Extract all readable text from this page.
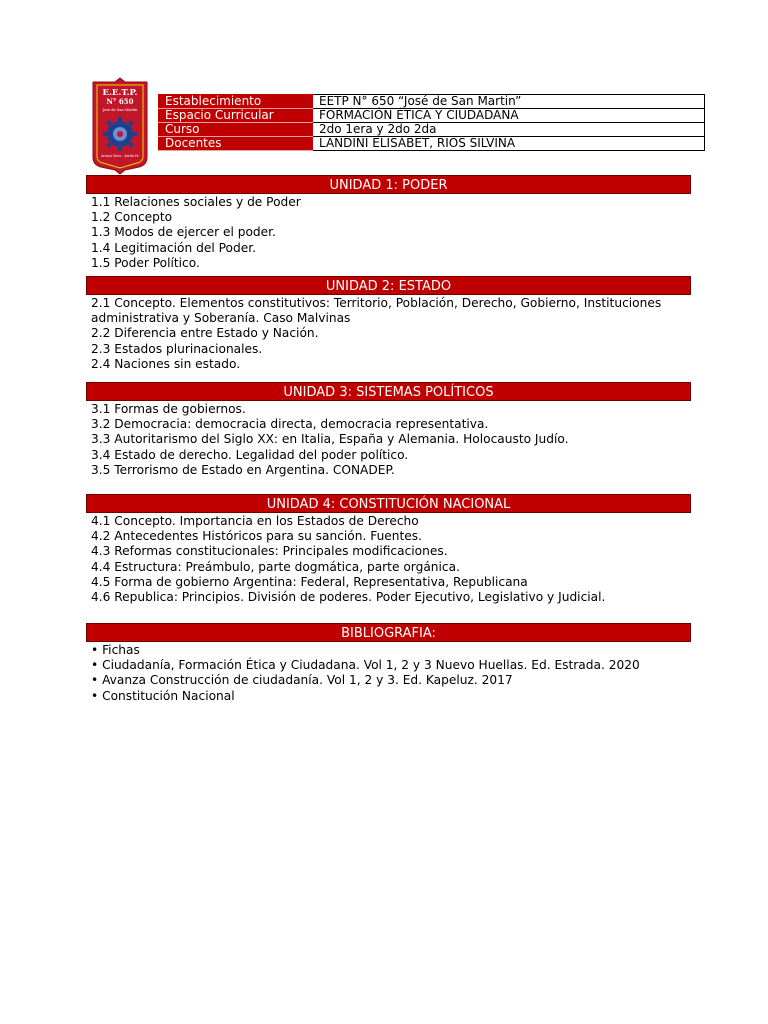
E.E.T.P.
N° 650
José de San Martín
Arroyo Seco - Santa Fe
Establecimiento	EETP N° 650 “José de San Martin”
Espacio Curricular	FORMACIÓN ÉTICA Y CIUDADANA
Curso	2do 1era y 2do 2da
Docentes	LANDINI ELISABET, RIOS SILVINA
UNIDAD 1: PODER
1.1 Relaciones sociales y de Poder
1.2 Concepto
1.3 Modos de ejercer el poder.
1.4 Legitimación del Poder.
1.5 Poder Político.
UNIDAD 2: ESTADO
2.1 Concepto. Elementos constitutivos: Territorio, Población, Derecho, Gobierno, Instituciones administrativa y Soberanía. Caso Malvinas
2.2 Diferencia entre Estado y Nación.
2.3 Estados plurinacionales.
2.4 Naciones sin estado.
UNIDAD 3: SISTEMAS POLÍTICOS
3.1 Formas de gobiernos.
3.2 Democracia: democracia directa, democracia representativa.
3.3 Autoritarismo del Siglo XX: en Italia, España y Alemania. Holocausto Judío.
3.4 Estado de derecho. Legalidad del poder político.
3.5 Terrorismo de Estado en Argentina. CONADEP.
UNIDAD 4: CONSTITUCIÓN NACIONAL
4.1 Concepto. Importancia en los Estados de Derecho
4.2 Antecedentes Históricos para su sanción. Fuentes.
4.3 Reformas constitucionales: Principales modificaciones.
4.4 Estructura: Preámbulo, parte dogmática, parte orgánica.
4.5 Forma de gobierno Argentina: Federal, Representativa, Republicana
4.6 Republica: Principios. División de poderes. Poder Ejecutivo, Legislativo y Judicial.
BIBLIOGRAFIA:
• Fichas
• Ciudadanía, Formación Ética y Ciudadana. Vol 1, 2 y 3 Nuevo Huellas. Ed. Estrada. 2020
• Avanza Construcción de ciudadanía. Vol 1, 2 y 3. Ed. Kapeluz. 2017
• Constitución Nacional
